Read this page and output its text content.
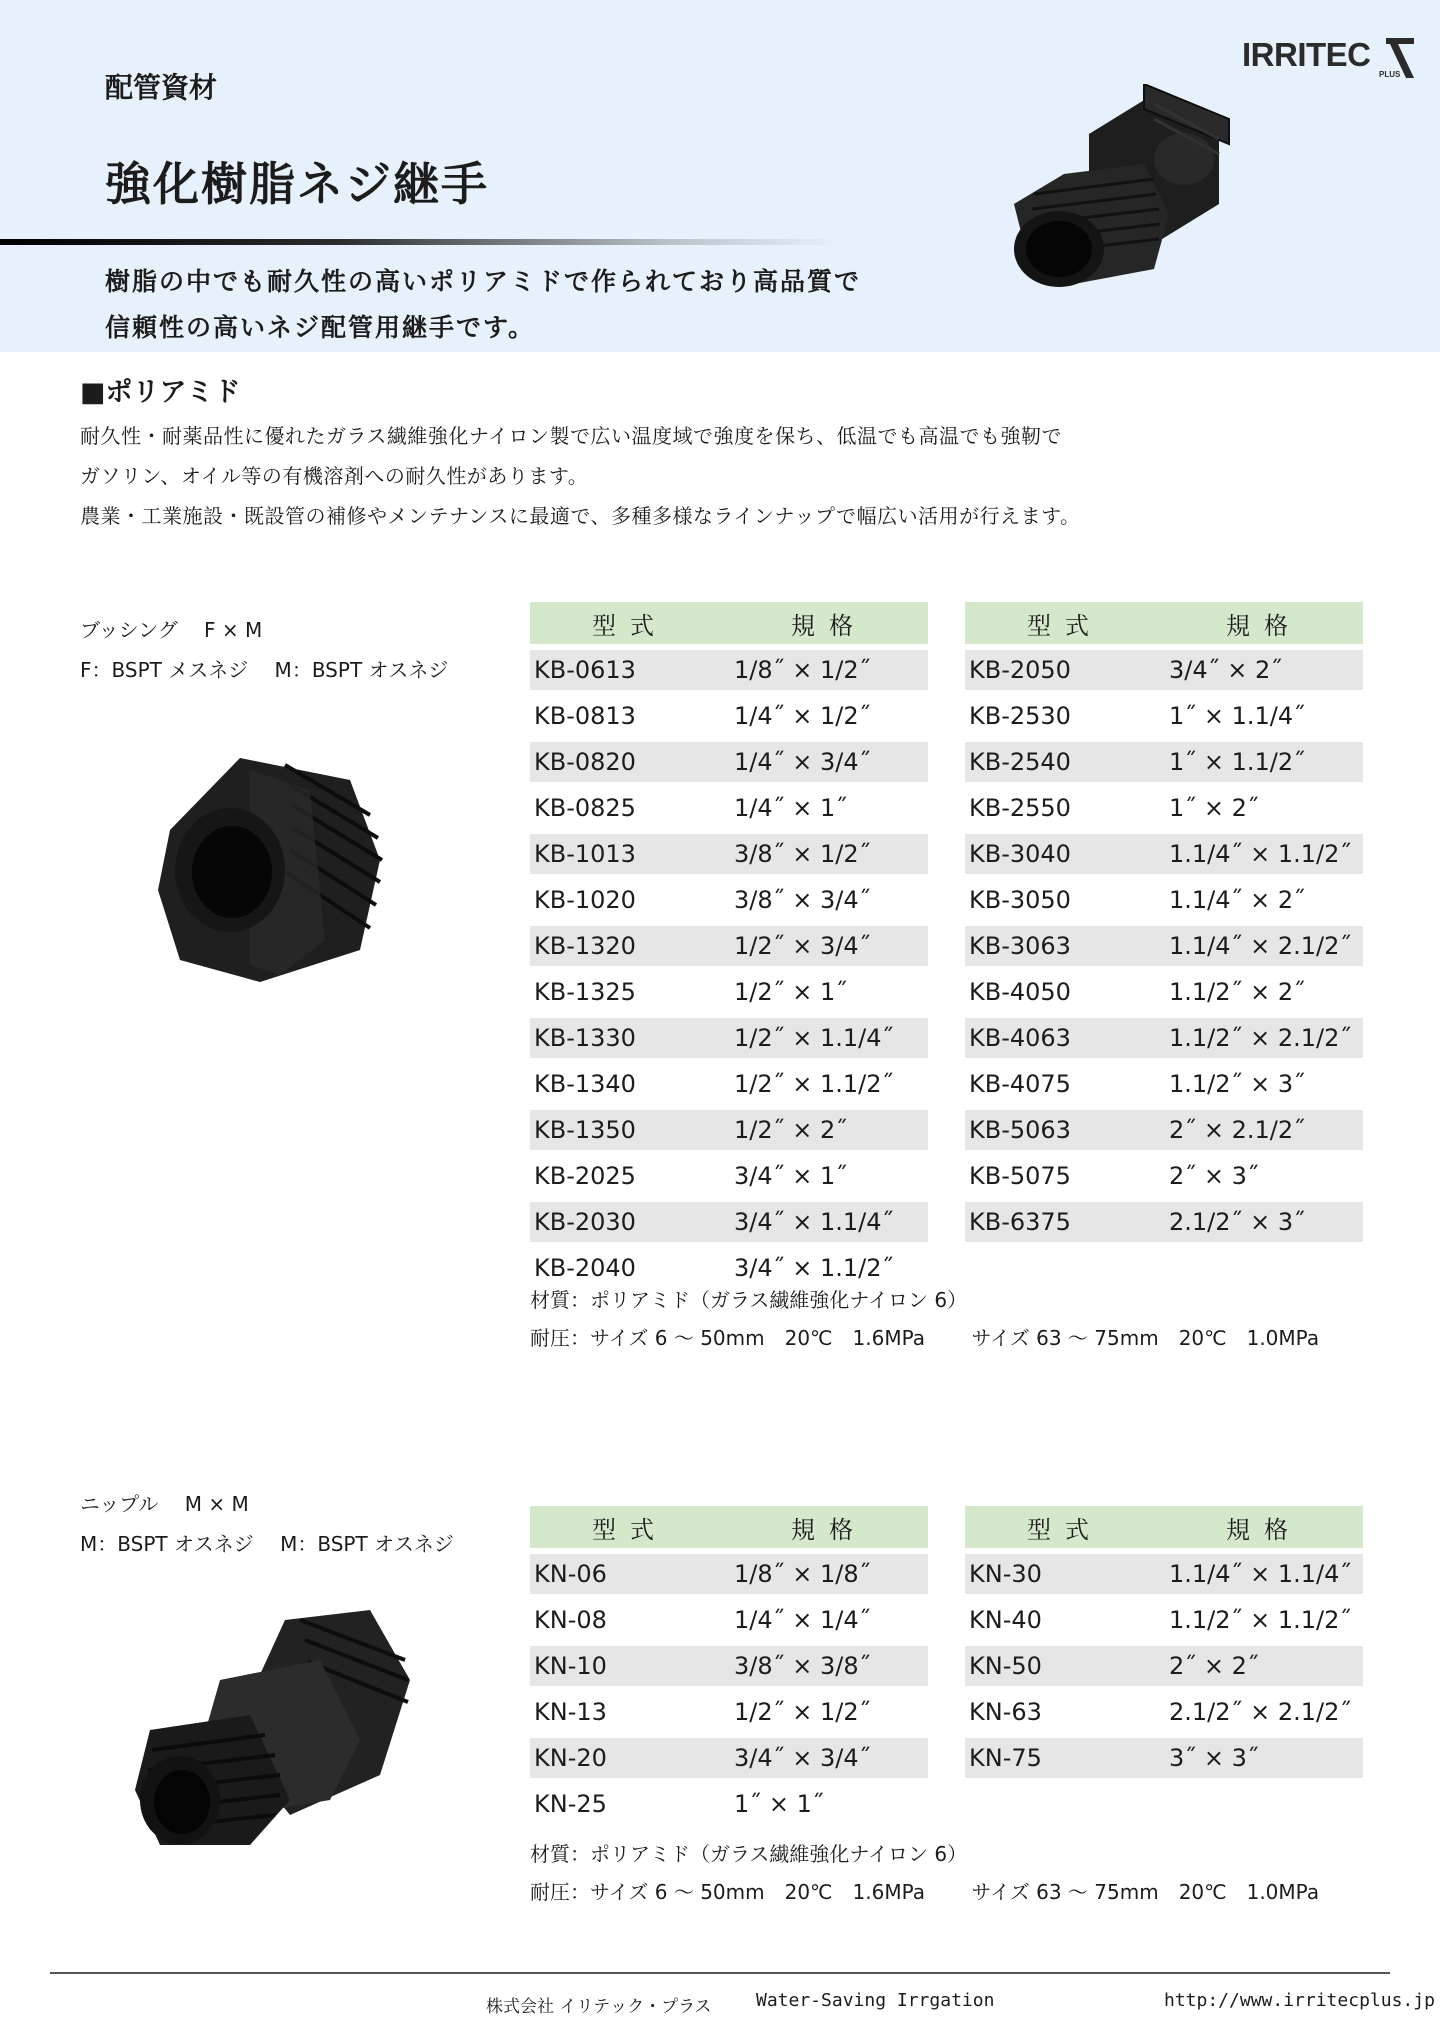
配管資材
強化樹脂ネジ継手
樹脂の中でも耐久性の高いポリアミドで作られており高品質で
信頼性の高いネジ配管用継手です。
IRRITEC
PLUS
■ポリアミド
耐久性・耐薬品性に優れたガラス繊維強化ナイロン製で広い温度域で強度を保ち、低温でも高温でも強靭で
ガソリン、オイル等の有機溶剤への耐久性があります。
農業・工業施設・既設管の補修やメンテナンスに最適で、多種多様なラインナップで幅広い活用が行えます。
ブッシング　 F × M
F：BSPT メスネジ　 M：BSPT オスネジ
型式	規格
KB-0613	1/8˝ × 1/2˝
KB-0813	1/4˝ × 1/2˝
KB-0820	1/4˝ × 3/4˝
KB-0825	1/4˝ × 1˝
KB-1013	3/8˝ × 1/2˝
KB-1020	3/8˝ × 3/4˝
KB-1320	1/2˝ × 3/4˝
KB-1325	1/2˝ × 1˝
KB-1330	1/2˝ × 1.1/4˝
KB-1340	1/2˝ × 1.1/2˝
KB-1350	1/2˝ × 2˝
KB-2025	3/4˝ × 1˝
KB-2030	3/4˝ × 1.1/4˝
KB-2040	3/4˝ × 1.1/2˝
型式	規格
KB-2050	3/4˝ × 2˝
KB-2530	1˝ × 1.1/4˝
KB-2540	1˝ × 1.1/2˝
KB-2550	1˝ × 2˝
KB-3040	1.1/4˝ × 1.1/2˝
KB-3050	1.1/4˝ × 2˝
KB-3063	1.1/4˝ × 2.1/2˝
KB-4050	1.1/2˝ × 2˝
KB-4063	1.1/2˝ × 2.1/2˝
KB-4075	1.1/2˝ × 3˝
KB-5063	2˝ × 2.1/2˝
KB-5075	2˝ × 3˝
KB-6375	2.1/2˝ × 3˝
材質：ポリアミド（ガラス繊維強化ナイロン 6）
耐圧：サイズ 6 ～ 50mm　20℃　1.6MPa　　 サイズ 63 ～ 75mm　20℃　1.0MPa
ニップル　 M × M
M：BSPT オスネジ　 M：BSPT オスネジ
型式	規格
KN-06	1/8˝ × 1/8˝
KN-08	1/4˝ × 1/4˝
KN-10	3/8˝ × 3/8˝
KN-13	1/2˝ × 1/2˝
KN-20	3/4˝ × 3/4˝
KN-25	1˝ × 1˝
型式	規格
KN-30	1.1/4˝ × 1.1/4˝
KN-40	1.1/2˝ × 1.1/2˝
KN-50	2˝ × 2˝
KN-63	2.1/2˝ × 2.1/2˝
KN-75	3˝ × 3˝
材質：ポリアミド（ガラス繊維強化ナイロン 6）
耐圧：サイズ 6 ～ 50mm　20℃　1.6MPa　　 サイズ 63 ～ 75mm　20℃　1.0MPa
株式会社 イリテック・プラス Water-Saving Irrgation	http://www.irritecplus.jp
